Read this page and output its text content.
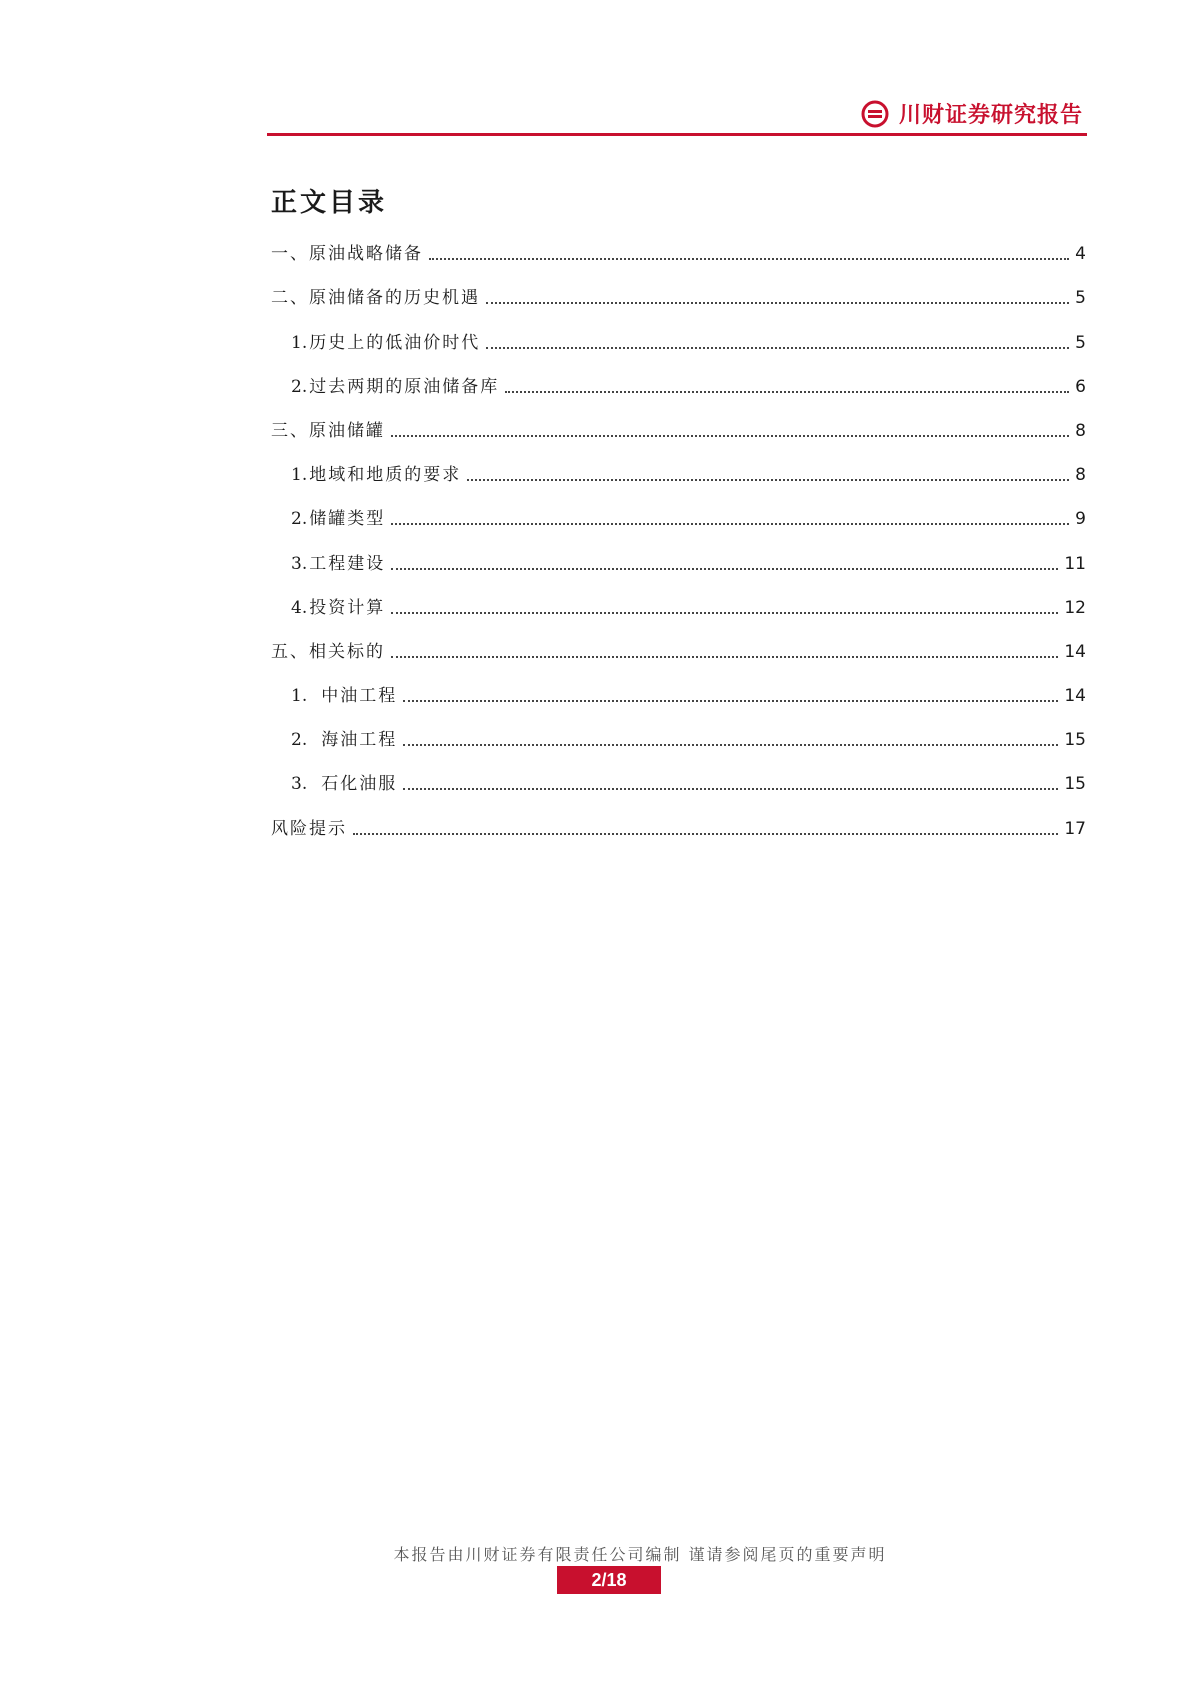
川财证券研究报告
正文目录
一、原油战略储备	4
二、原油储备的历史机遇	5
1. 历史上的低油价时代	5
2. 过去两期的原油储备库	6
三、原油储罐	8
1. 地域和地质的要求	8
2. 储罐类型	9
3. 工程建设	11
4. 投资计算	12
五、相关标的	14
1. 中油工程	14
2. 海油工程	15
3. 石化油服	15
风险提示	17
本报告由川财证券有限责任公司编制 谨请参阅尾页的重要声明
2/18
